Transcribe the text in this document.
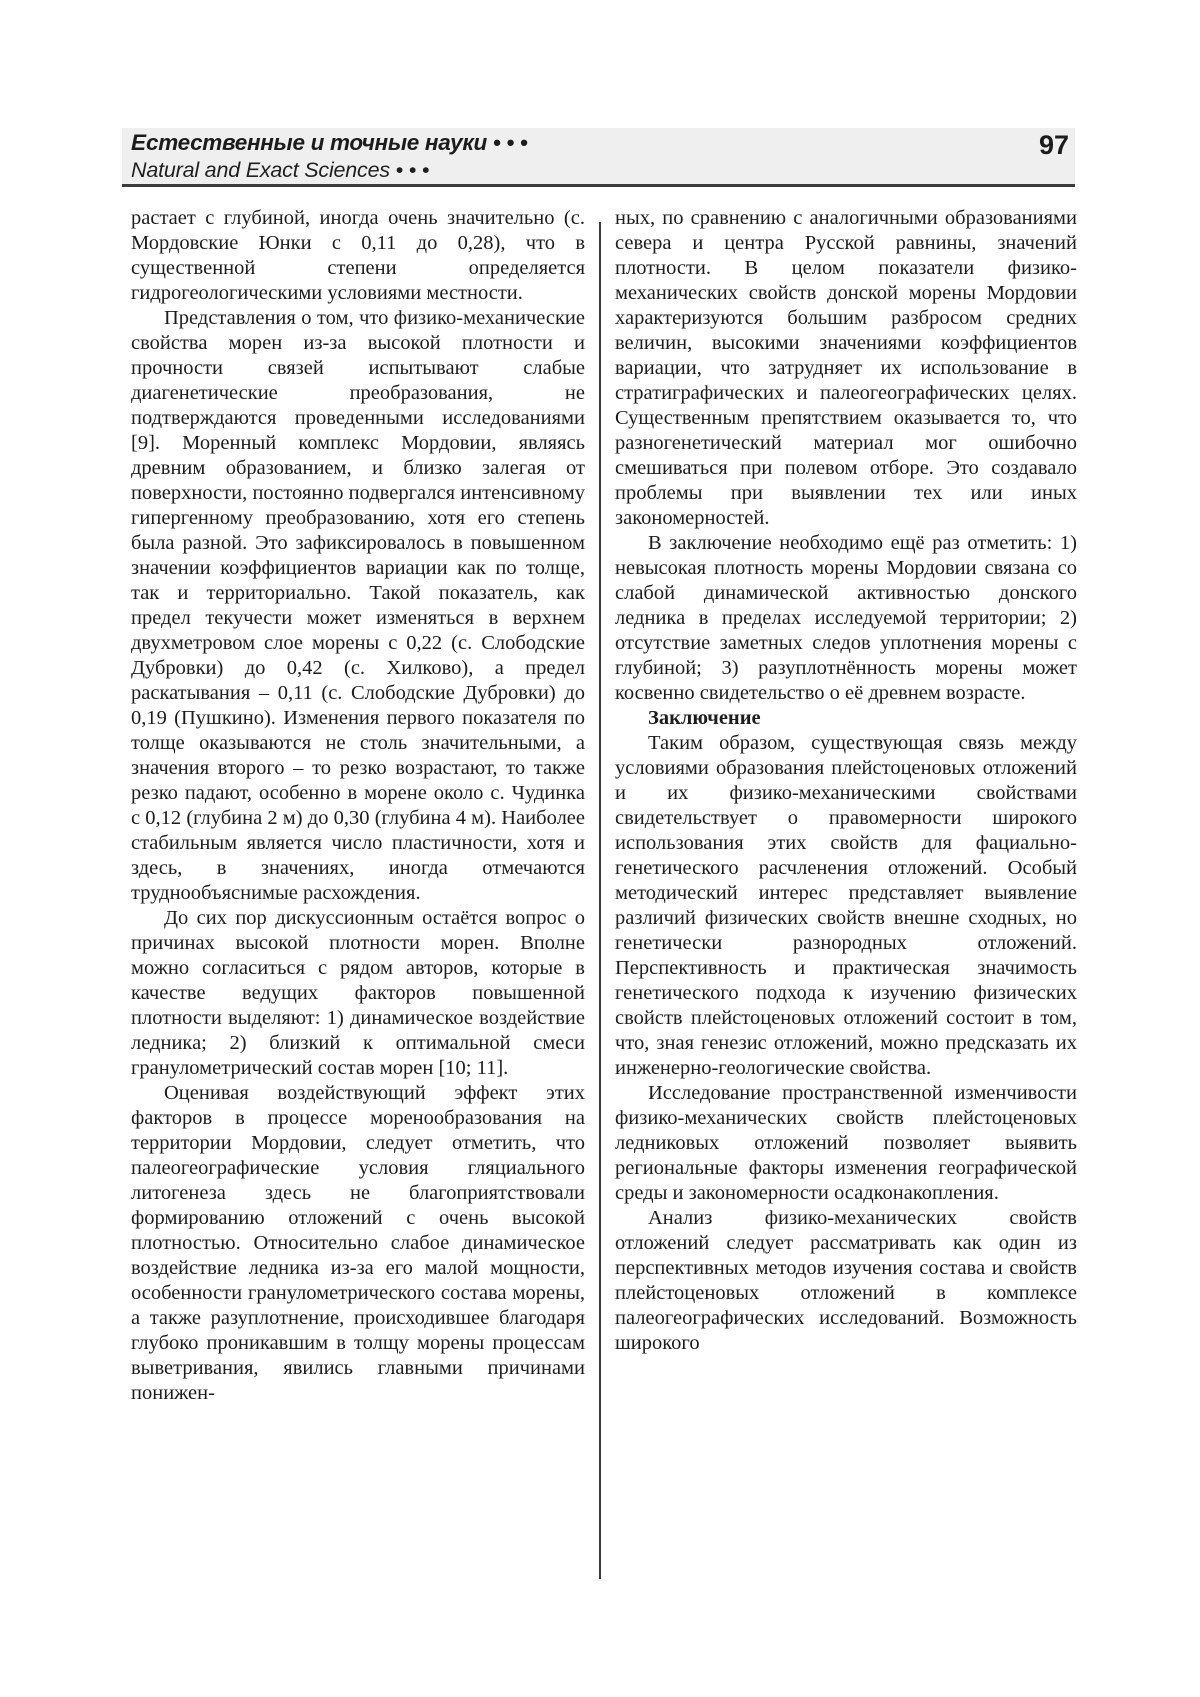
Естественные и точные науки • • •
Natural and Exact Sciences • • •
97

растает с глубиной, иногда очень значительно (с. Мордовские Юнки с 0,11 до 0,28), что в существенной степени определяется гидрогеологическими условиями местности.

Представления о том, что физико-механические свойства морен из-за высокой плотности и прочности связей испытывают слабые диагенетические преобразования, не подтверждаются проведенными исследованиями [9]. Моренный комплекс Мордовии, являясь древним образованием, и близко залегая от поверхности, постоянно подвергался интенсивному гипергенному преобразованию, хотя его степень была разной. Это зафиксировалось в повышенном значении коэффициентов вариации как по толще, так и территориально. Такой показатель, как предел текучести может изменяться в верхнем двухметровом слое морены с 0,22 (с. Слободские Дубровки) до 0,42 (с. Хилково), а предел раскатывания – 0,11 (с. Слободские Дубровки) до 0,19 (Пушкино). Изменения первого показателя по толще оказываются не столь значительными, а значения второго – то резко возрастают, то также резко падают, особенно в морене около с. Чудинка с 0,12 (глубина 2 м) до 0,30 (глубина 4 м). Наиболее стабильным является число пластичности, хотя и здесь, в значениях, иногда отмечаются труднообъяснимые расхождения.

До сих пор дискуссионным остаётся вопрос о причинах высокой плотности морен. Вполне можно согласиться с рядом авторов, которые в качестве ведущих факторов повышенной плотности выделяют: 1) динамическое воздействие ледника; 2) близкий к оптимальной смеси гранулометрический состав морен [10; 11].

Оценивая воздействующий эффект этих факторов в процессе моренообразования на территории Мордовии, следует отметить, что палеогеографические условия гляциального литогенеза здесь не благоприятствовали формированию отложений с очень высокой плотностью. Относительно слабое динамическое воздействие ледника из-за его малой мощности, особенности гранулометрического состава морены, а также разуплотнение, происходившее благодаря глубоко проникавшим в толщу морены процессам выветривания, явились главными причинами понижен-

ных, по сравнению с аналогичными образованиями севера и центра Русской равнины, значений плотности. В целом показатели физико-механических свойств донской морены Мордовии характеризуются большим разбросом средних величин, высокими значениями коэффициентов вариации, что затрудняет их использование в стратиграфических и палеогеографических целях. Существенным препятствием оказывается то, что разногенетический материал мог ошибочно смешиваться при полевом отборе. Это создавало проблемы при выявлении тех или иных закономерностей.

В заключение необходимо ещё раз отметить: 1) невысокая плотность морены Мордовии связана со слабой динамической активностью донского ледника в пределах исследуемой территории; 2) отсутствие заметных следов уплотнения морены с глубиной; 3) разуплотнённость морены может косвенно свидетельство о её древнем возрасте.

Заключение

Таким образом, существующая связь между условиями образования плейстоценовых отложений и их физико-механическими свойствами свидетельствует о правомерности широкого использования этих свойств для фациально-генетического расчленения отложений. Особый методический интерес представляет выявление различий физических свойств внешне сходных, но генетически разнородных отложений. Перспективность и практическая значимость генетического подхода к изучению физических свойств плейстоценовых отложений состоит в том, что, зная генезис отложений, можно предсказать их инженерно-геологические свойства.

Исследование пространственной изменчивости физико-механических свойств плейстоценовых ледниковых отложений позволяет выявить региональные факторы изменения географической среды и закономерности осадконакопления.

Анализ физико-механических свойств отложений следует рассматривать как один из перспективных методов изучения состава и свойств плейстоценовых отложений в комплексе палеогеографических исследований. Возможность широкого
